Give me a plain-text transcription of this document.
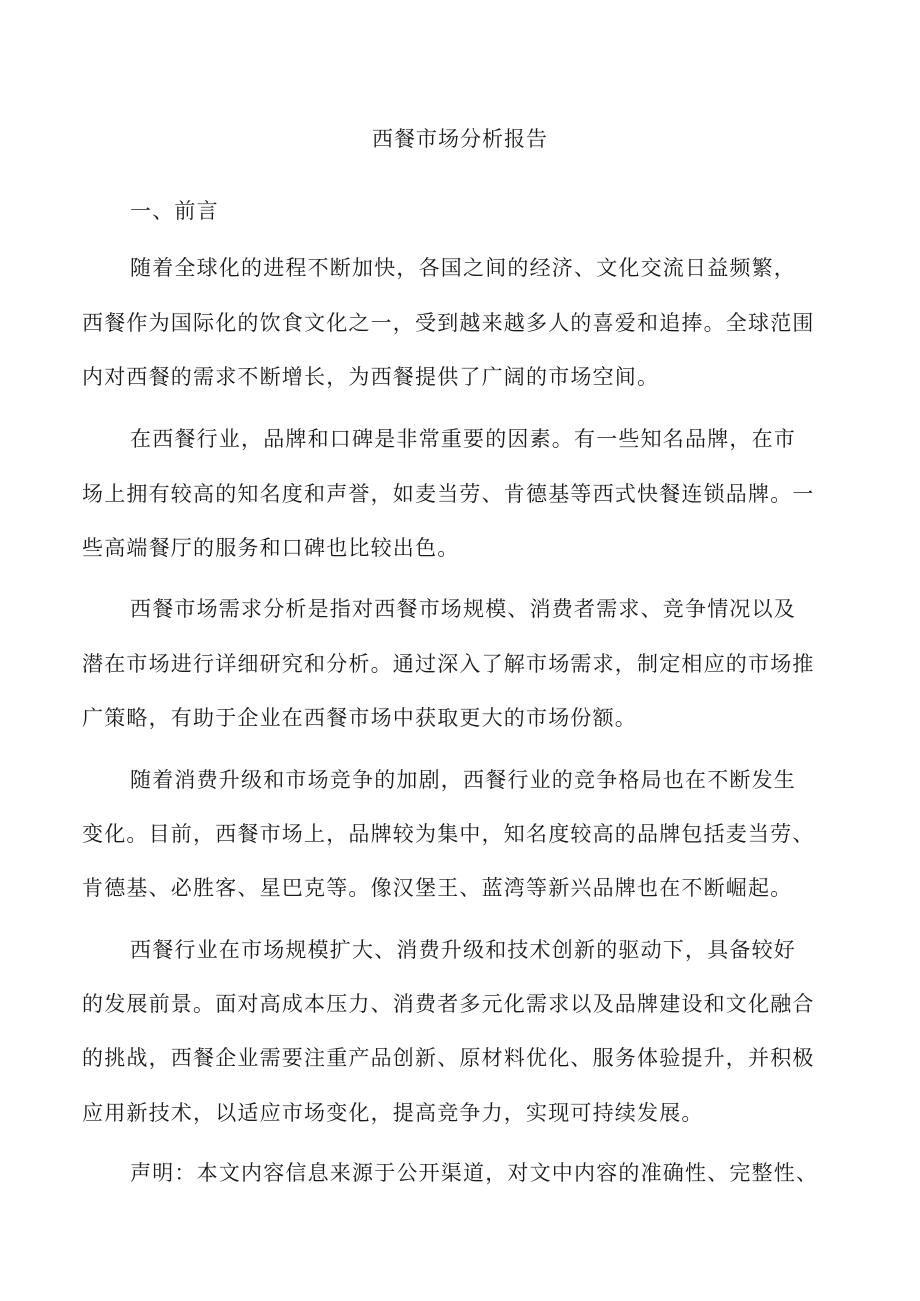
西餐市场分析报告

一、前言

随着全球化的进程不断加快，各国之间的经济、文化交流日益频繁，

西餐作为国际化的饮食文化之一，受到越来越多人的喜爱和追捧。全球范围

内对西餐的需求不断增长，为西餐提供了广阔的市场空间。

在西餐行业，品牌和口碑是非常重要的因素。有一些知名品牌，在市

场上拥有较高的知名度和声誉，如麦当劳、肯德基等西式快餐连锁品牌。一

些高端餐厅的服务和口碑也比较出色。

西餐市场需求分析是指对西餐市场规模、消费者需求、竞争情况以及

潜在市场进行详细研究和分析。通过深入了解市场需求，制定相应的市场推

广策略，有助于企业在西餐市场中获取更大的市场份额。

随着消费升级和市场竞争的加剧，西餐行业的竞争格局也在不断发生

变化。目前，西餐市场上，品牌较为集中，知名度较高的品牌包括麦当劳、

肯德基、必胜客、星巴克等。像汉堡王、蓝湾等新兴品牌也在不断崛起。

西餐行业在市场规模扩大、消费升级和技术创新的驱动下，具备较好

的发展前景。面对高成本压力、消费者多元化需求以及品牌建设和文化融合

的挑战，西餐企业需要注重产品创新、原材料优化、服务体验提升，并积极

应用新技术，以适应市场变化，提高竞争力，实现可持续发展。

声明：本文内容信息来源于公开渠道，对文中内容的准确性、完整性、
